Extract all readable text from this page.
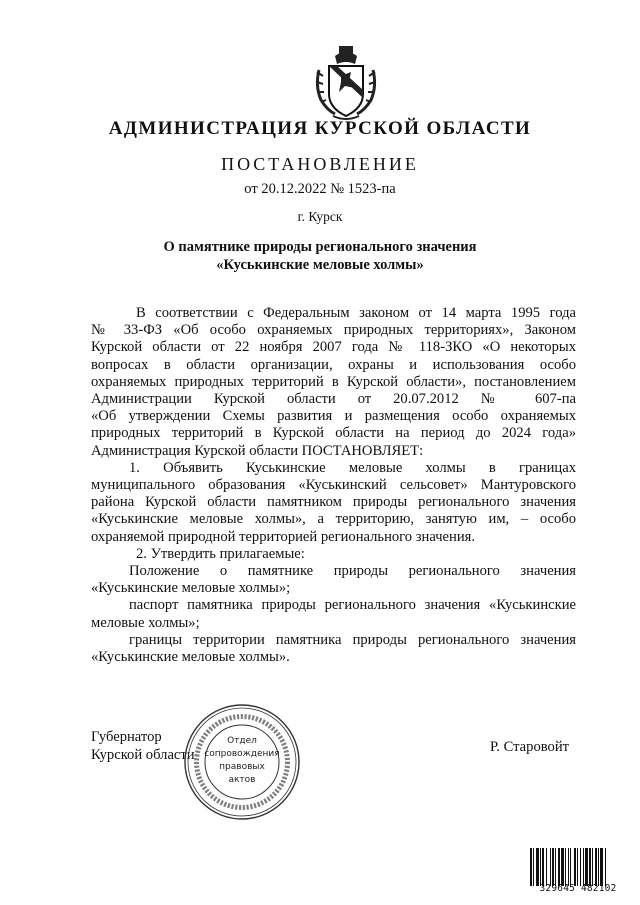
АДМИНИСТРАЦИЯ КУРСКОЙ ОБЛАСТИ
ПОСТАНОВЛЕНИЕ
от 20.12.2022 № 1523-па
г. Курск
О памятнике природы регионального значения
«Куськинские меловые холмы»

В соответствии с Федеральным законом от 14 марта 1995 года

№ 33-ФЗ «Об особо охраняемых природных территориях», Законом

Курской области от 22 ноября 2007 года № 118-ЗКО «О некоторых

вопросах в области организации, охраны и использования особо

охраняемых природных территорий в Курской области», постановлением

Администрации Курской области от 20.07.2012 № 607-па

«Об утверждении Схемы развития и размещения особо охраняемых

природных территорий в Курской области на период до 2024 года»

Администрация Курской области ПОСТАНОВЛЯЕТ:

1. Объявить Куськинские меловые холмы в границах

муниципального образования «Куськинский сельсовет» Мантуровского

района Курской области памятником природы регионального значения

«Куськинские меловые холмы», а территорию, занятую им, – особо

охраняемой природной территорией регионального значения.

2. Утвердить прилагаемые:

Положение о памятнике природы регионального значения

«Куськинские меловые холмы»;

паспорт памятника природы регионального значения «Куськинские

меловые холмы»;

границы территории памятника природы регионального значения

«Куськинские меловые холмы».

Губернатор
Курской области	Р. Старовойт
Отдел
сопровождения
правовых
актов
329645 482102
